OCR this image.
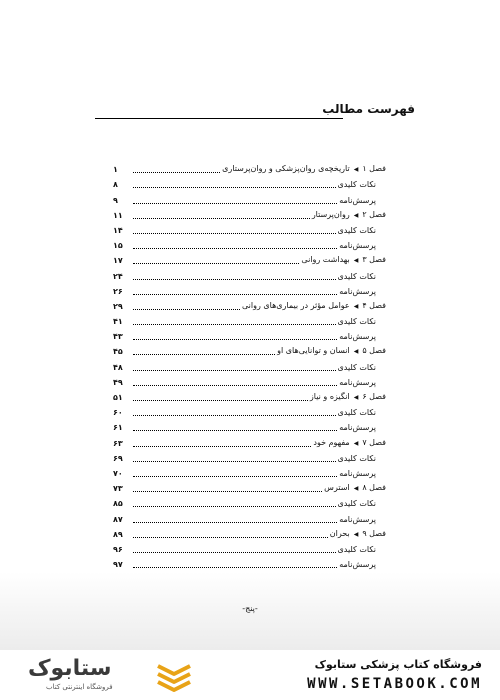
فهرست مطالب
فصل ۱◀تاریخچه‌ی روان‌پزشکی و روان‌پرستاری
۱
نکات کلیدی
۸
پرسش‌نامه
۹
فصل ۲◀روان‌پرستار
۱۱
نکات کلیدی
۱۴
پرسش‌نامه
۱۵
فصل ۳◀بهداشت روانی
۱۷
نکات کلیدی
۲۴
پرسش‌نامه
۲۶
فصل ۴◀عوامل مؤثر در بیماری‌های روانی
۲۹
نکات کلیدی
۴۱
پرسش‌نامه
۴۳
فصل ۵◀انسان و توانایی‌های او
۴۵
نکات کلیدی
۴۸
پرسش‌نامه
۴۹
فصل ۶◀انگیزه و نیاز
۵۱
نکات کلیدی
۶۰
پرسش‌نامه
۶۱
فصل ۷◀مفهوم خود
۶۳
نکات کلیدی
۶۹
پرسش‌نامه
۷۰
فصل ۸◀استرس
۷۳
نکات کلیدی
۸۵
پرسش‌نامه
۸۷
فصل ۹◀بحران
۸۹
نکات کلیدی
۹۶
پرسش‌نامه
۹۷
-پنج-
ستابوک
فروشگاه اینترنتی کتاب
فروشگاه کتاب پزشکی ستابوک
WWW.SETABOOK.COM
